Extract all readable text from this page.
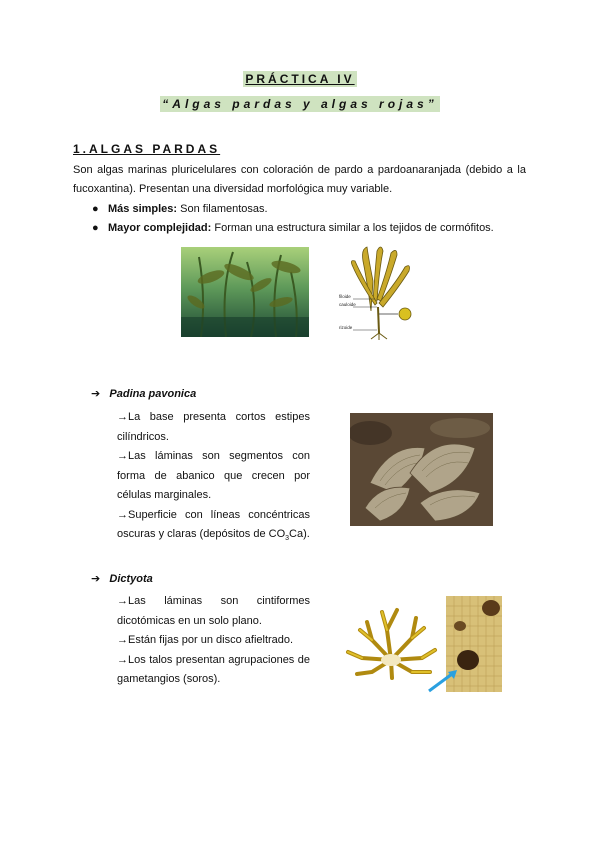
PRÁCTICA IV
“Algas pardas y algas rojas”
1.ALGAS PARDAS
Son algas marinas pluricelulares con coloración de pardo a pardoanaranjada (debido a la fucoxantina). Presentan una diversidad morfológica muy variable.
● Más simples: Son filamentosas.
● Mayor complejidad: Forman una estructura similar a los tejidos de cormófitos.
filoide
cauloide
rizoide
➔ Padina pavonica

→La base presenta cortos estipes cilíndricos.

→Las láminas son segmentos con forma de abanico que crecen por células marginales.

→Superficie con líneas concéntricas oscuras y claras (depósitos de $CO_3Ca$).

➔ Dictyota

→Las láminas son cintiformes dicotómicas en un solo plano.

→Están fijas por un disco afieltrado.

→Los talos presentan agrupaciones de gametangios (soros).
